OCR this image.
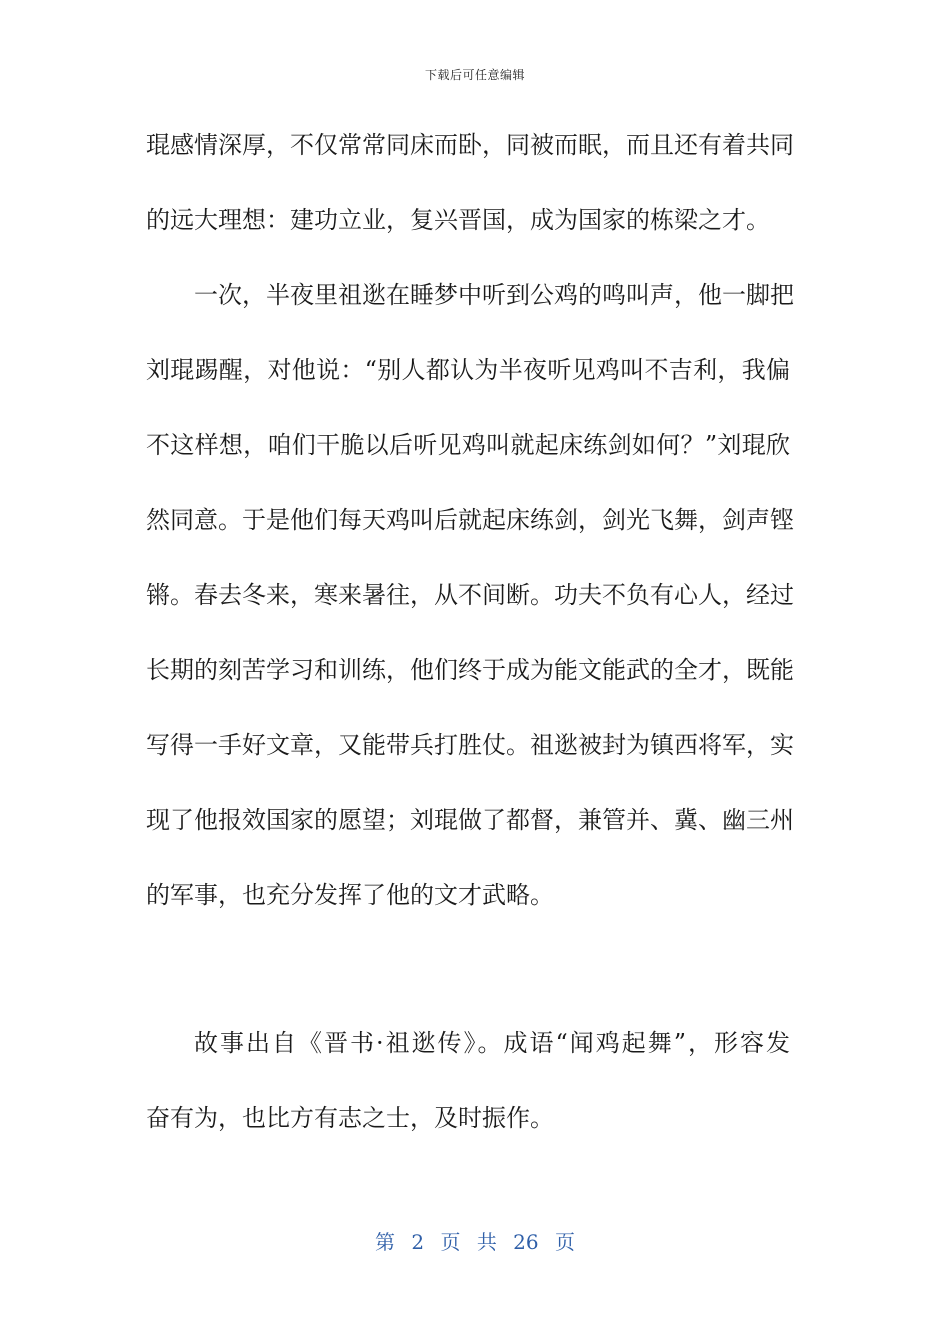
下载后可任意编辑
琨感情深厚，不仅常常同床而卧，同被而眠，而且还有着共同
的远大理想：建功立业，复兴晋国，成为国家的栋梁之才。
一次，半夜里祖逖在睡梦中听到公鸡的鸣叫声，他一脚把
刘琨踢醒，对他说：“别人都认为半夜听见鸡叫不吉利，我偏
不这样想，咱们干脆以后听见鸡叫就起床练剑如何？”刘琨欣
然同意。于是他们每天鸡叫后就起床练剑，剑光飞舞，剑声铿
锵。春去冬来，寒来暑往，从不间断。功夫不负有心人，经过
长期的刻苦学习和训练，他们终于成为能文能武的全才，既能
写得一手好文章，又能带兵打胜仗。祖逖被封为镇西将军，实
现了他报效国家的愿望；刘琨做了都督，兼管并、冀、幽三州
的军事，也充分发挥了他的文才武略。
故事出自《晋书·祖逖传》。成语“闻鸡起舞”，形容发
奋有为，也比方有志之士，及时振作。
第 2 页 共 26 页
